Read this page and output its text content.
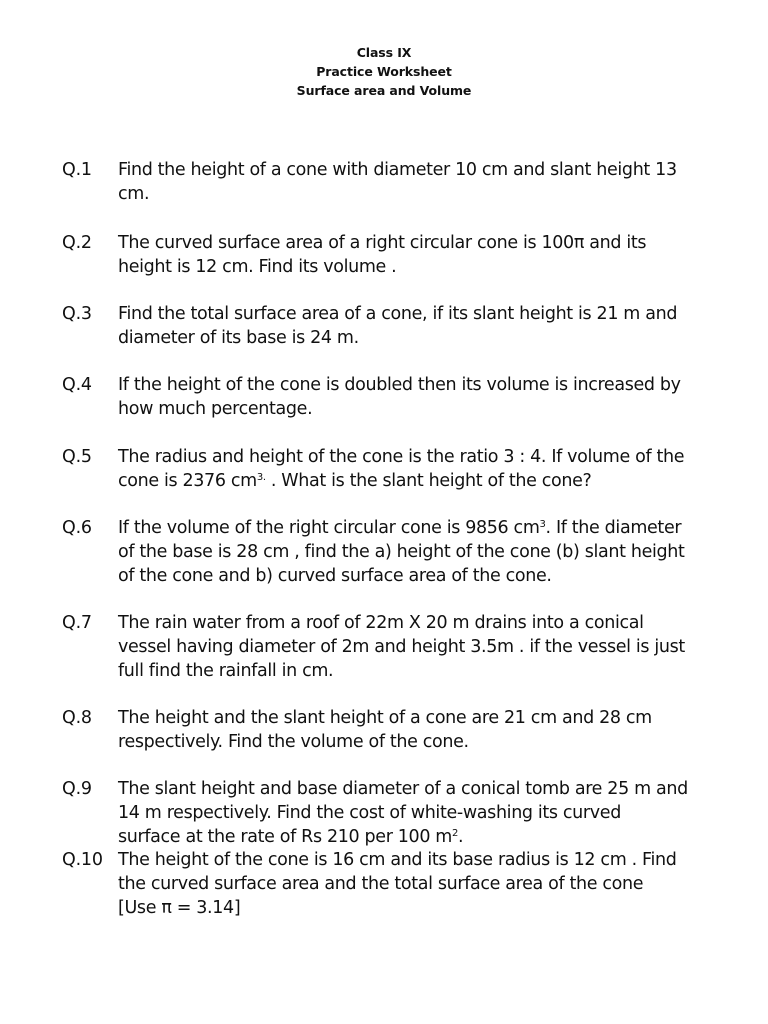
Class IX
Practice Worksheet
Surface area and Volume
Q.1 Find the height of a cone with diameter 10 cm and slant height 13
cm.
Q.2 The curved surface area of a right circular cone is 100π and its
height is 12 cm. Find its volume .
Q.3 Find the total surface area of a cone, if its slant height is 21 m and
diameter of its base is 24 m.
Q.4 If the height of the cone is doubled then its volume is increased by
how much percentage.
Q.5 The radius and height of the cone is the ratio 3 : 4. If volume of the
cone is 2376 $cm^{3.}$ . What is the slant height of the cone?
Q.6 If the volume of the right circular cone is 9856 $cm^3$. If the diameter
of the base is 28 cm , find the a) height of the cone (b) slant height
of the cone and b) curved surface area of the cone.
Q.7 The rain water from a roof of 22m X 20 m drains into a conical
vessel having diameter of 2m and height 3.5m . if the vessel is just
full find the rainfall in cm.
Q.8 The height and the slant height of a cone are 21 cm and 28 cm
respectively. Find the volume of the cone.
Q.9 The slant height and base diameter of a conical tomb are 25 m and
14 m respectively. Find the cost of white-washing its curved
surface at the rate of Rs 210 per 100 $m^2$.
Q.10 The height of the cone is 16 cm and its base radius is 12 cm . Find
the curved surface area and the total surface area of the cone
[Use π = 3.14]
